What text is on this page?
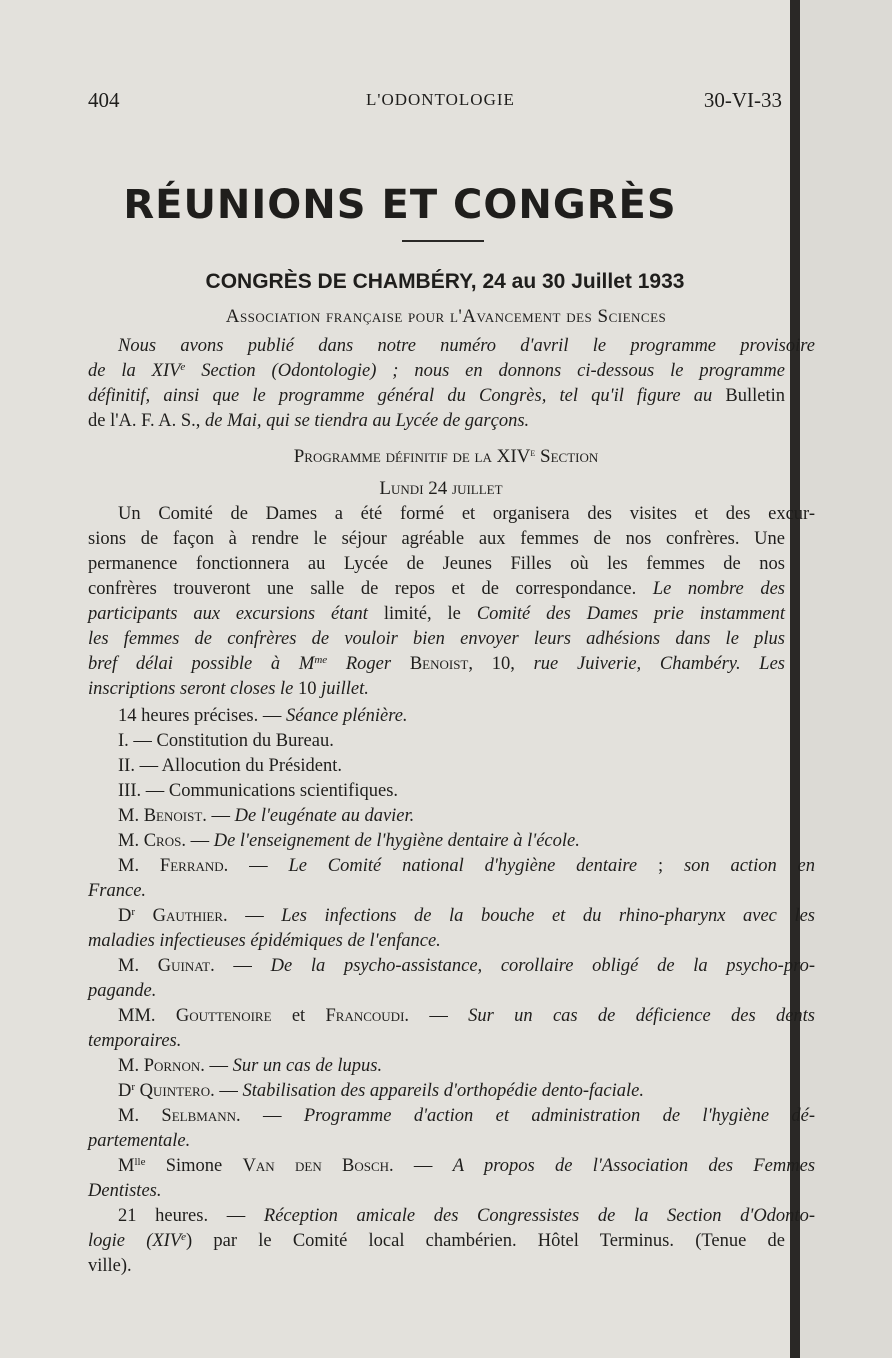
404	L'ODONTOLOGIE	30-VI-33
RÉUNIONS ET CONGRÈS
CONGRÈS DE CHAMBÉRY, 24 au 30 Juillet 1933
Association française pour l'Avancement des Sciences
Nous avons publié dans notre numéro d'avril le programme provisoire
de la XIVe Section (Odontologie) ; nous en donnons ci-dessous le programme
définitif, ainsi que le programme général du Congrès, tel qu'il figure au Bulletin
de l'A. F. A. S., de Mai, qui se tiendra au Lycée de garçons.
Programme définitif de la XIVe Section
Lundi 24 juillet
Un Comité de Dames a été formé et organisera des visites et des excur-
sions de façon à rendre le séjour agréable aux femmes de nos confrères. Une
permanence fonctionnera au Lycée de Jeunes Filles où les femmes de nos
confrères trouveront une salle de repos et de correspondance. Le nombre des
participants aux excursions étant limité, le Comité des Dames prie instamment
les femmes de confrères de vouloir bien envoyer leurs adhésions dans le plus
bref délai possible à $M^{me}$ Roger Benoist, 10, rue Juiverie, Chambéry. Les
inscriptions seront closes le 10 juillet.
14 heures précises. — Séance plénière.
I. — Constitution du Bureau.
II. — Allocution du Président.
III. — Communications scientifiques.
M. Benoist. — De l'eugénate au davier.
M. Cros. — De l'enseignement de l'hygiène dentaire à l'école.
M. Ferrand. — Le Comité national d'hygiène dentaire ; son action en
France.
$D^r$ Gauthier. — Les infections de la bouche et du rhino-pharynx avec les
maladies infectieuses épidémiques de l'enfance.
M. Guinat. — De la psycho-assistance, corollaire obligé de la psycho-pro-
pagande.
MM. Gouttenoire et Francoudi. — Sur un cas de déficience des dents
temporaires.
M. Pornon. — Sur un cas de lupus.
$D^r$ Quintero. — Stabilisation des appareils d'orthopédie dento-faciale.
M. Selbmann. — Programme d'action et administration de l'hygiène dé-
partementale.
$M^{lle}$ Simone Van den Bosch. — A propos de l'Association des Femmes
Dentistes.
21 heures. — Réception amicale des Congressistes de la Section d'Odonto-
logie (XIVe) par le Comité local chambérien. Hôtel Terminus. (Tenue de
ville).
